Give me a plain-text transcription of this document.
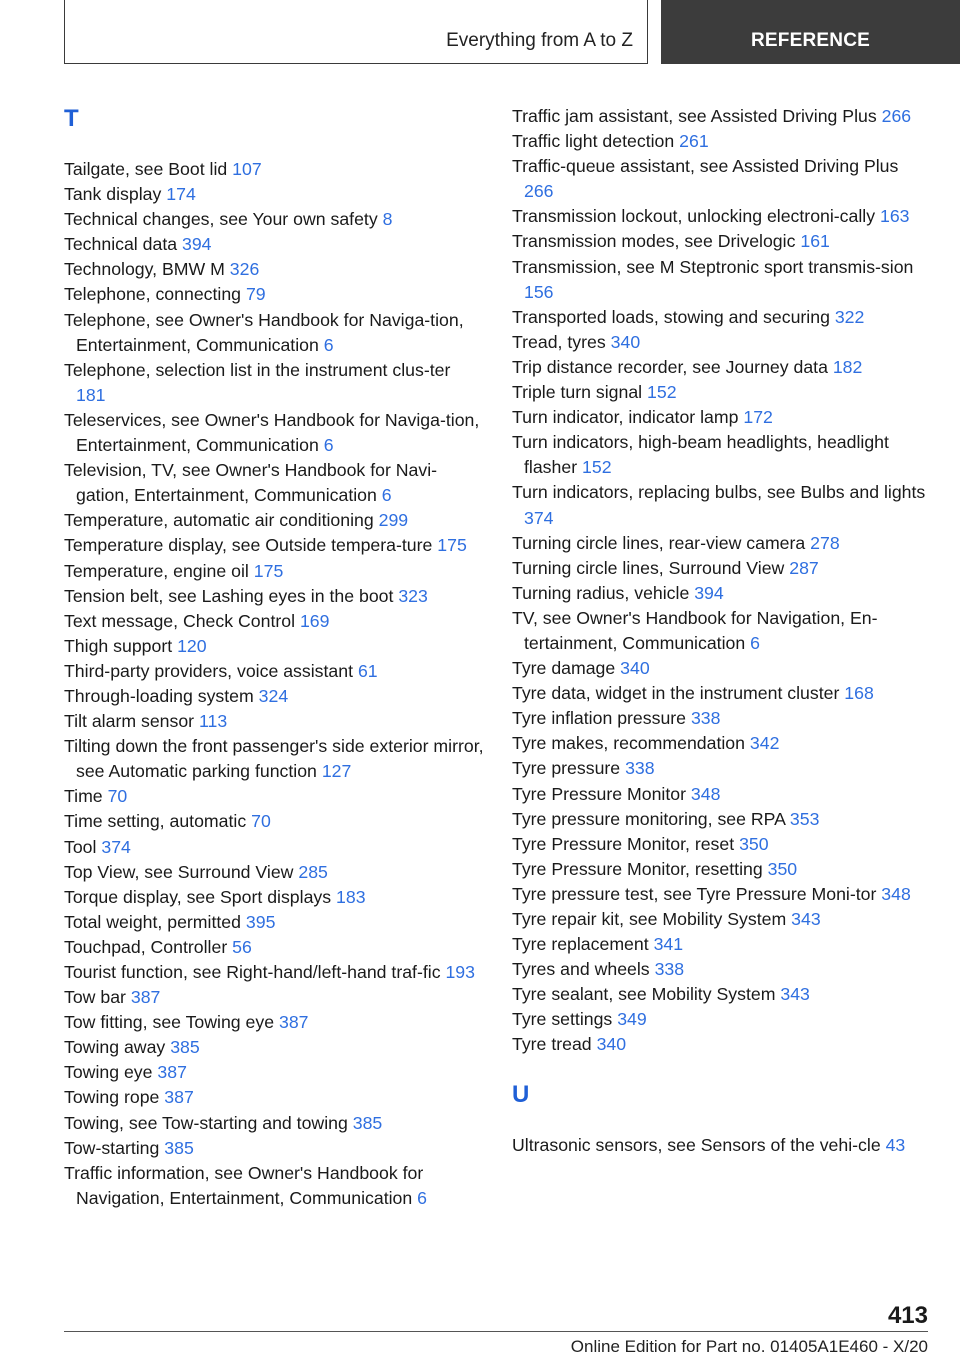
Everything from A to Z	REFERENCE
T
Tailgate, see Boot lid 107
Tank display 174
Technical changes, see Your own safety 8
Technical data 394
Technology, BMW M 326
Telephone, connecting 79
Telephone, see Owner's Handbook for Naviga‐tion, Entertainment, Communication 6
Telephone, selection list in the instrument clus‐ter 181
Teleservices, see Owner's Handbook for Naviga‐tion, Entertainment, Communication 6
Television, TV, see Owner's Handbook for Navi‐gation, Entertainment, Communication 6
Temperature, automatic air conditioning 299
Temperature display, see Outside tempera‐ture 175
Temperature, engine oil 175
Tension belt, see Lashing eyes in the boot 323
Text message, Check Control 169
Thigh support 120
Third-party providers, voice assistant 61
Through-loading system 324
Tilt alarm sensor 113
Tilting down the front passenger's side exterior mirror, see Automatic parking function 127
Time 70
Time setting, automatic 70
Tool 374
Top View, see Surround View 285
Torque display, see Sport displays 183
Total weight, permitted 395
Touchpad, Controller 56
Tourist function, see Right-hand/left-hand traf‐fic 193
Tow bar 387
Tow fitting, see Towing eye 387
Towing away 385
Towing eye 387
Towing rope 387
Towing, see Tow-starting and towing 385
Tow-starting 385
Traffic information, see Owner's Handbook for Navigation, Entertainment, Communication 6
Traffic jam assistant, see Assisted Driving Plus 266
Traffic light detection 261
Traffic-queue assistant, see Assisted Driving Plus 266
Transmission lockout, unlocking electroni‐cally 163
Transmission modes, see Drivelogic 161
Transmission, see M Steptronic sport transmis‐sion 156
Transported loads, stowing and securing 322
Tread, tyres 340
Trip distance recorder, see Journey data 182
Triple turn signal 152
Turn indicator, indicator lamp 172
Turn indicators, high-beam headlights, headlight flasher 152
Turn indicators, replacing bulbs, see Bulbs and lights 374
Turning circle lines, rear-view camera 278
Turning circle lines, Surround View 287
Turning radius, vehicle 394
TV, see Owner's Handbook for Navigation, En‐tertainment, Communication 6
Tyre damage 340
Tyre data, widget in the instrument cluster 168
Tyre inflation pressure 338
Tyre makes, recommendation 342
Tyre pressure 338
Tyre Pressure Monitor 348
Tyre pressure monitoring, see RPA 353
Tyre Pressure Monitor, reset 350
Tyre Pressure Monitor, resetting 350
Tyre pressure test, see Tyre Pressure Moni‐tor 348
Tyre repair kit, see Mobility System 343
Tyre replacement 341
Tyres and wheels 338
Tyre sealant, see Mobility System 343
Tyre settings 349
Tyre tread 340
U
Ultrasonic sensors, see Sensors of the vehi‐cle 43
413
Online Edition for Part no. 01405A1E460 - X/20
